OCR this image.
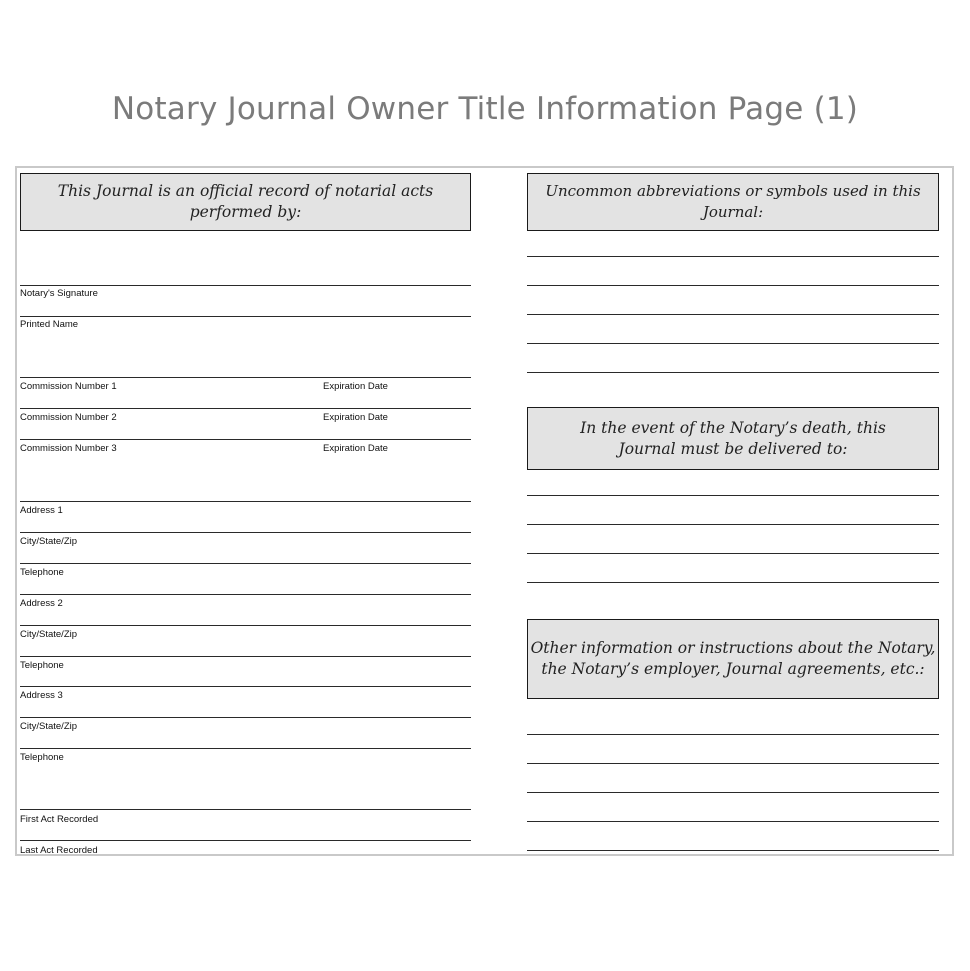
Notary Journal Owner Title Information Page (1)
This Journal is an official record of notarial acts performed by:
Notary's Signature
Printed Name
Commission Number 1	Expiration Date
Commission Number 2	Expiration Date
Commission Number 3	Expiration Date
Address 1
City/State/Zip
Telephone
Address 2
City/State/Zip
Telephone
Address 3
City/State/Zip
Telephone
First Act Recorded
Last Act Recorded
Uncommon abbreviations or symbols used in this Journal:
In the event of the Notary’s death, this
Journal must be delivered to:
Other information or instructions about the Notary,
the Notary’s employer, Journal agreements, etc.:
